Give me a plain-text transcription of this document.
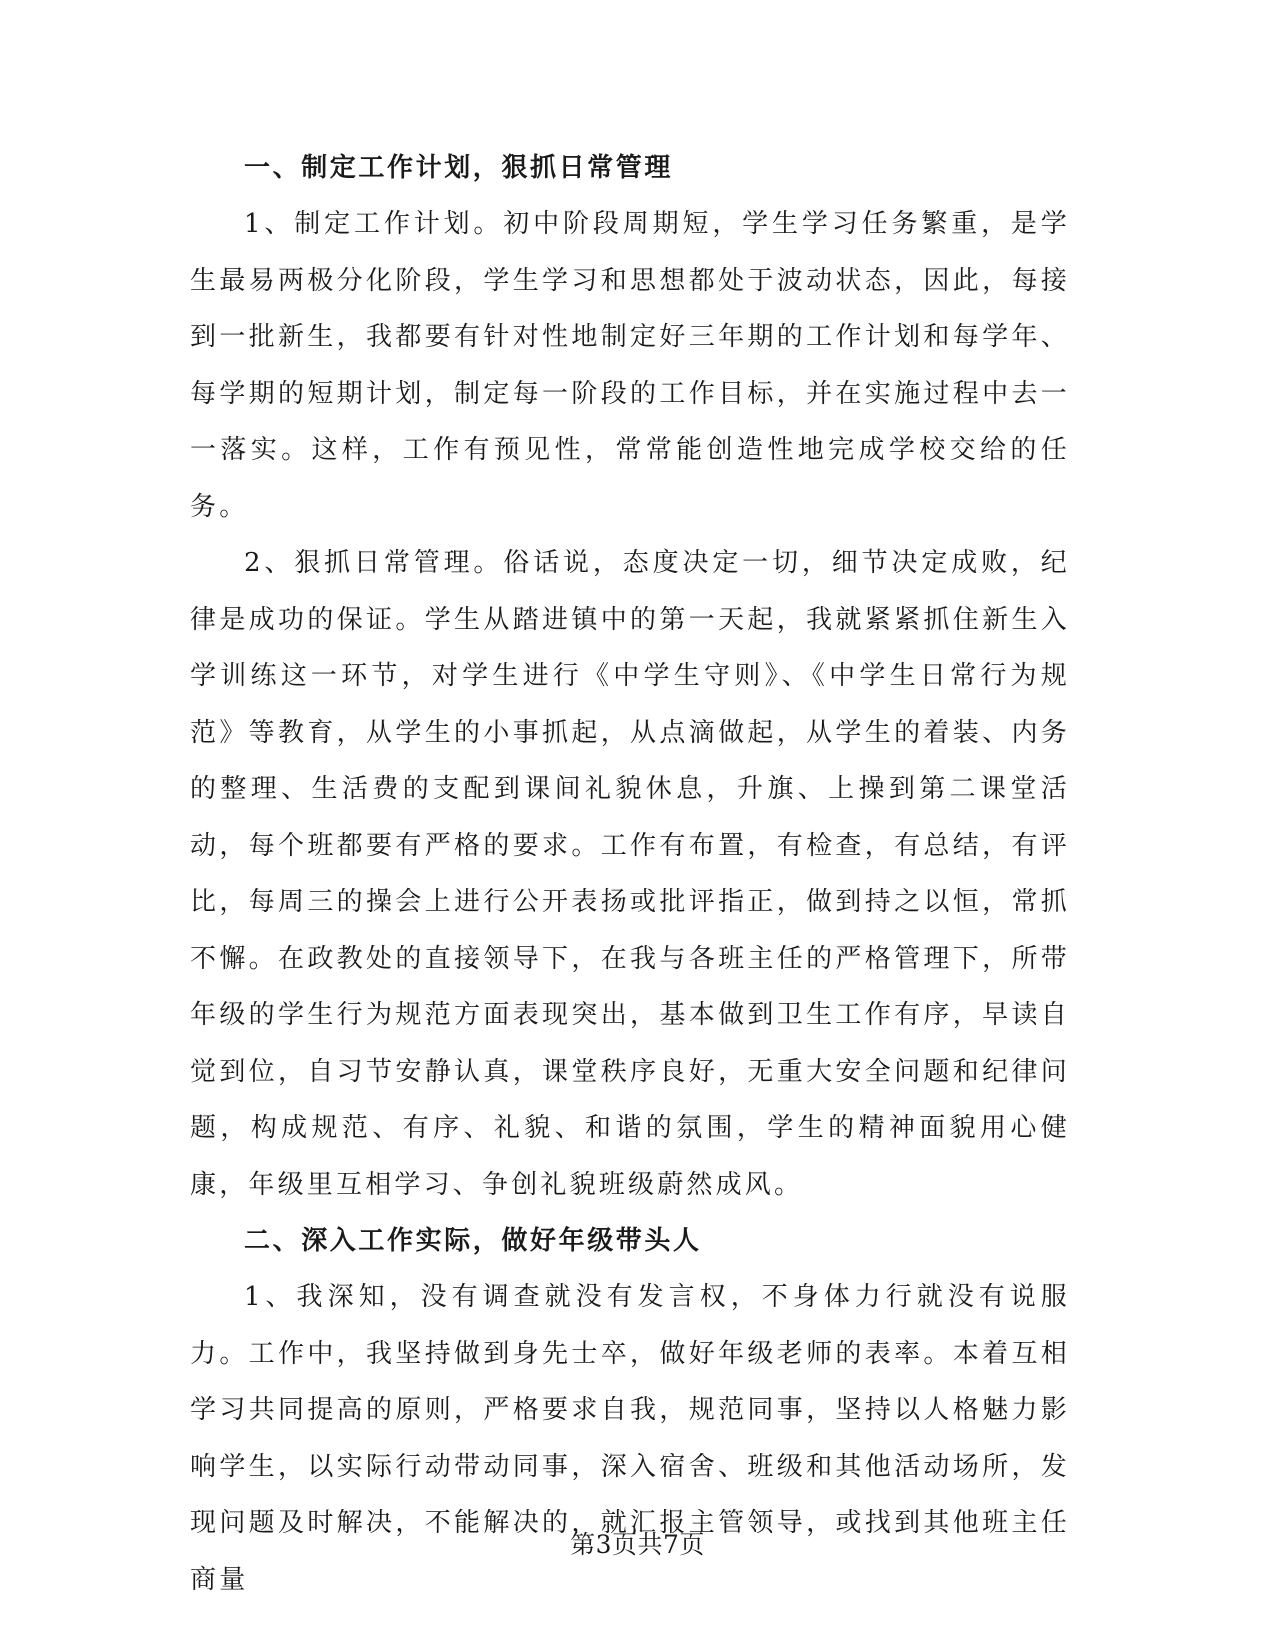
一、制定工作计划，狠抓日常管理

1、制定工作计划。初中阶段周期短，学生学习任务繁重，是学生最易两极分化阶段，学生学习和思想都处于波动状态，因此，每接到一批新生，我都要有针对性地制定好三年期的工作计划和每学年、每学期的短期计划，制定每一阶段的工作目标，并在实施过程中去一一落实。这样，工作有预见性，常常能创造性地完成学校交给的任务。

2、狠抓日常管理。俗话说，态度决定一切，细节决定成败，纪律是成功的保证。学生从踏进镇中的第一天起，我就紧紧抓住新生入学训练这一环节，对学生进行《中学生守则》、《中学生日常行为规范》等教育，从学生的小事抓起，从点滴做起，从学生的着装、内务的整理、生活费的支配到课间礼貌休息，升旗、上操到第二课堂活动，每个班都要有严格的要求。工作有布置，有检查，有总结，有评比，每周三的操会上进行公开表扬或批评指正，做到持之以恒，常抓不懈。在政教处的直接领导下，在我与各班主任的严格管理下，所带年级的学生行为规范方面表现突出，基本做到卫生工作有序，早读自觉到位，自习节安静认真，课堂秩序良好，无重大安全问题和纪律问题，构成规范、有序、礼貌、和谐的氛围，学生的精神面貌用心健康，年级里互相学习、争创礼貌班级蔚然成风。

二、深入工作实际，做好年级带头人

1、我深知，没有调查就没有发言权，不身体力行就没有说服力。工作中，我坚持做到身先士卒，做好年级老师的表率。本着互相学习共同提高的原则，严格要求自我，规范同事，坚持以人格魅力影响学生，以实际行动带动同事，深入宿舍、班级和其他活动场所，发现问题及时解决，不能解决的，就汇报主管领导，或找到其他班主任商量

第3页共7页
